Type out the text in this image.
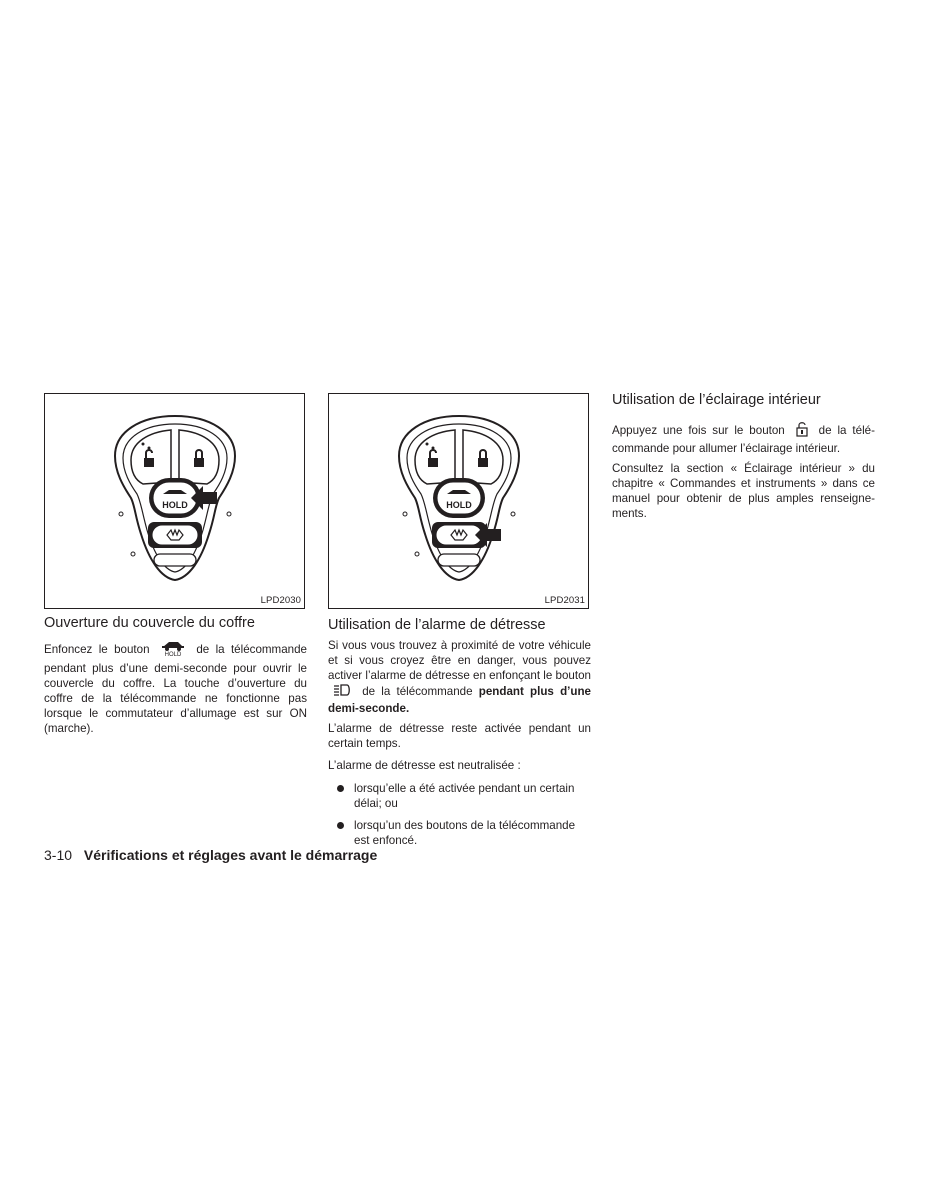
HOLD
LPD2030
Ouverture du couvercle du coffre

Enfoncez le bouton	HOLD de la télécommande pendant plus d’une demi-seconde pour ouvrir le couvercle du coffre. La touche d’ouverture du coffre de la télécommande ne fonctionne pas lorsque le commutateur d’allumage est sur ON (marche).

HOLD
LPD2031
Utilisation de l’alarme de détresse

Si vous vous trouvez à proximité de votre véhicule et si vous croyez être en danger, vous pouvez activer l’alarme de détresse en enfonçant le bouton  de la télécommande pendant plus d’une demi-seconde.

L’alarme de détresse reste activée pendant un certain temps.

L’alarme de détresse est neutralisée :

lorsqu’elle a été activée pendant un certain délai; ou
lorsqu’un des boutons de la télécommande est enfoncé.
Utilisation de l’éclairage intérieur

Appuyez une fois sur le bouton	de la télé-commande pour allumer l’éclairage intérieur.

Consultez la section « Éclairage intérieur » du chapitre « Commandes et instruments » dans ce manuel pour obtenir de plus amples renseigne-ments.

3-10 Vérifications et réglages avant le démarrage
